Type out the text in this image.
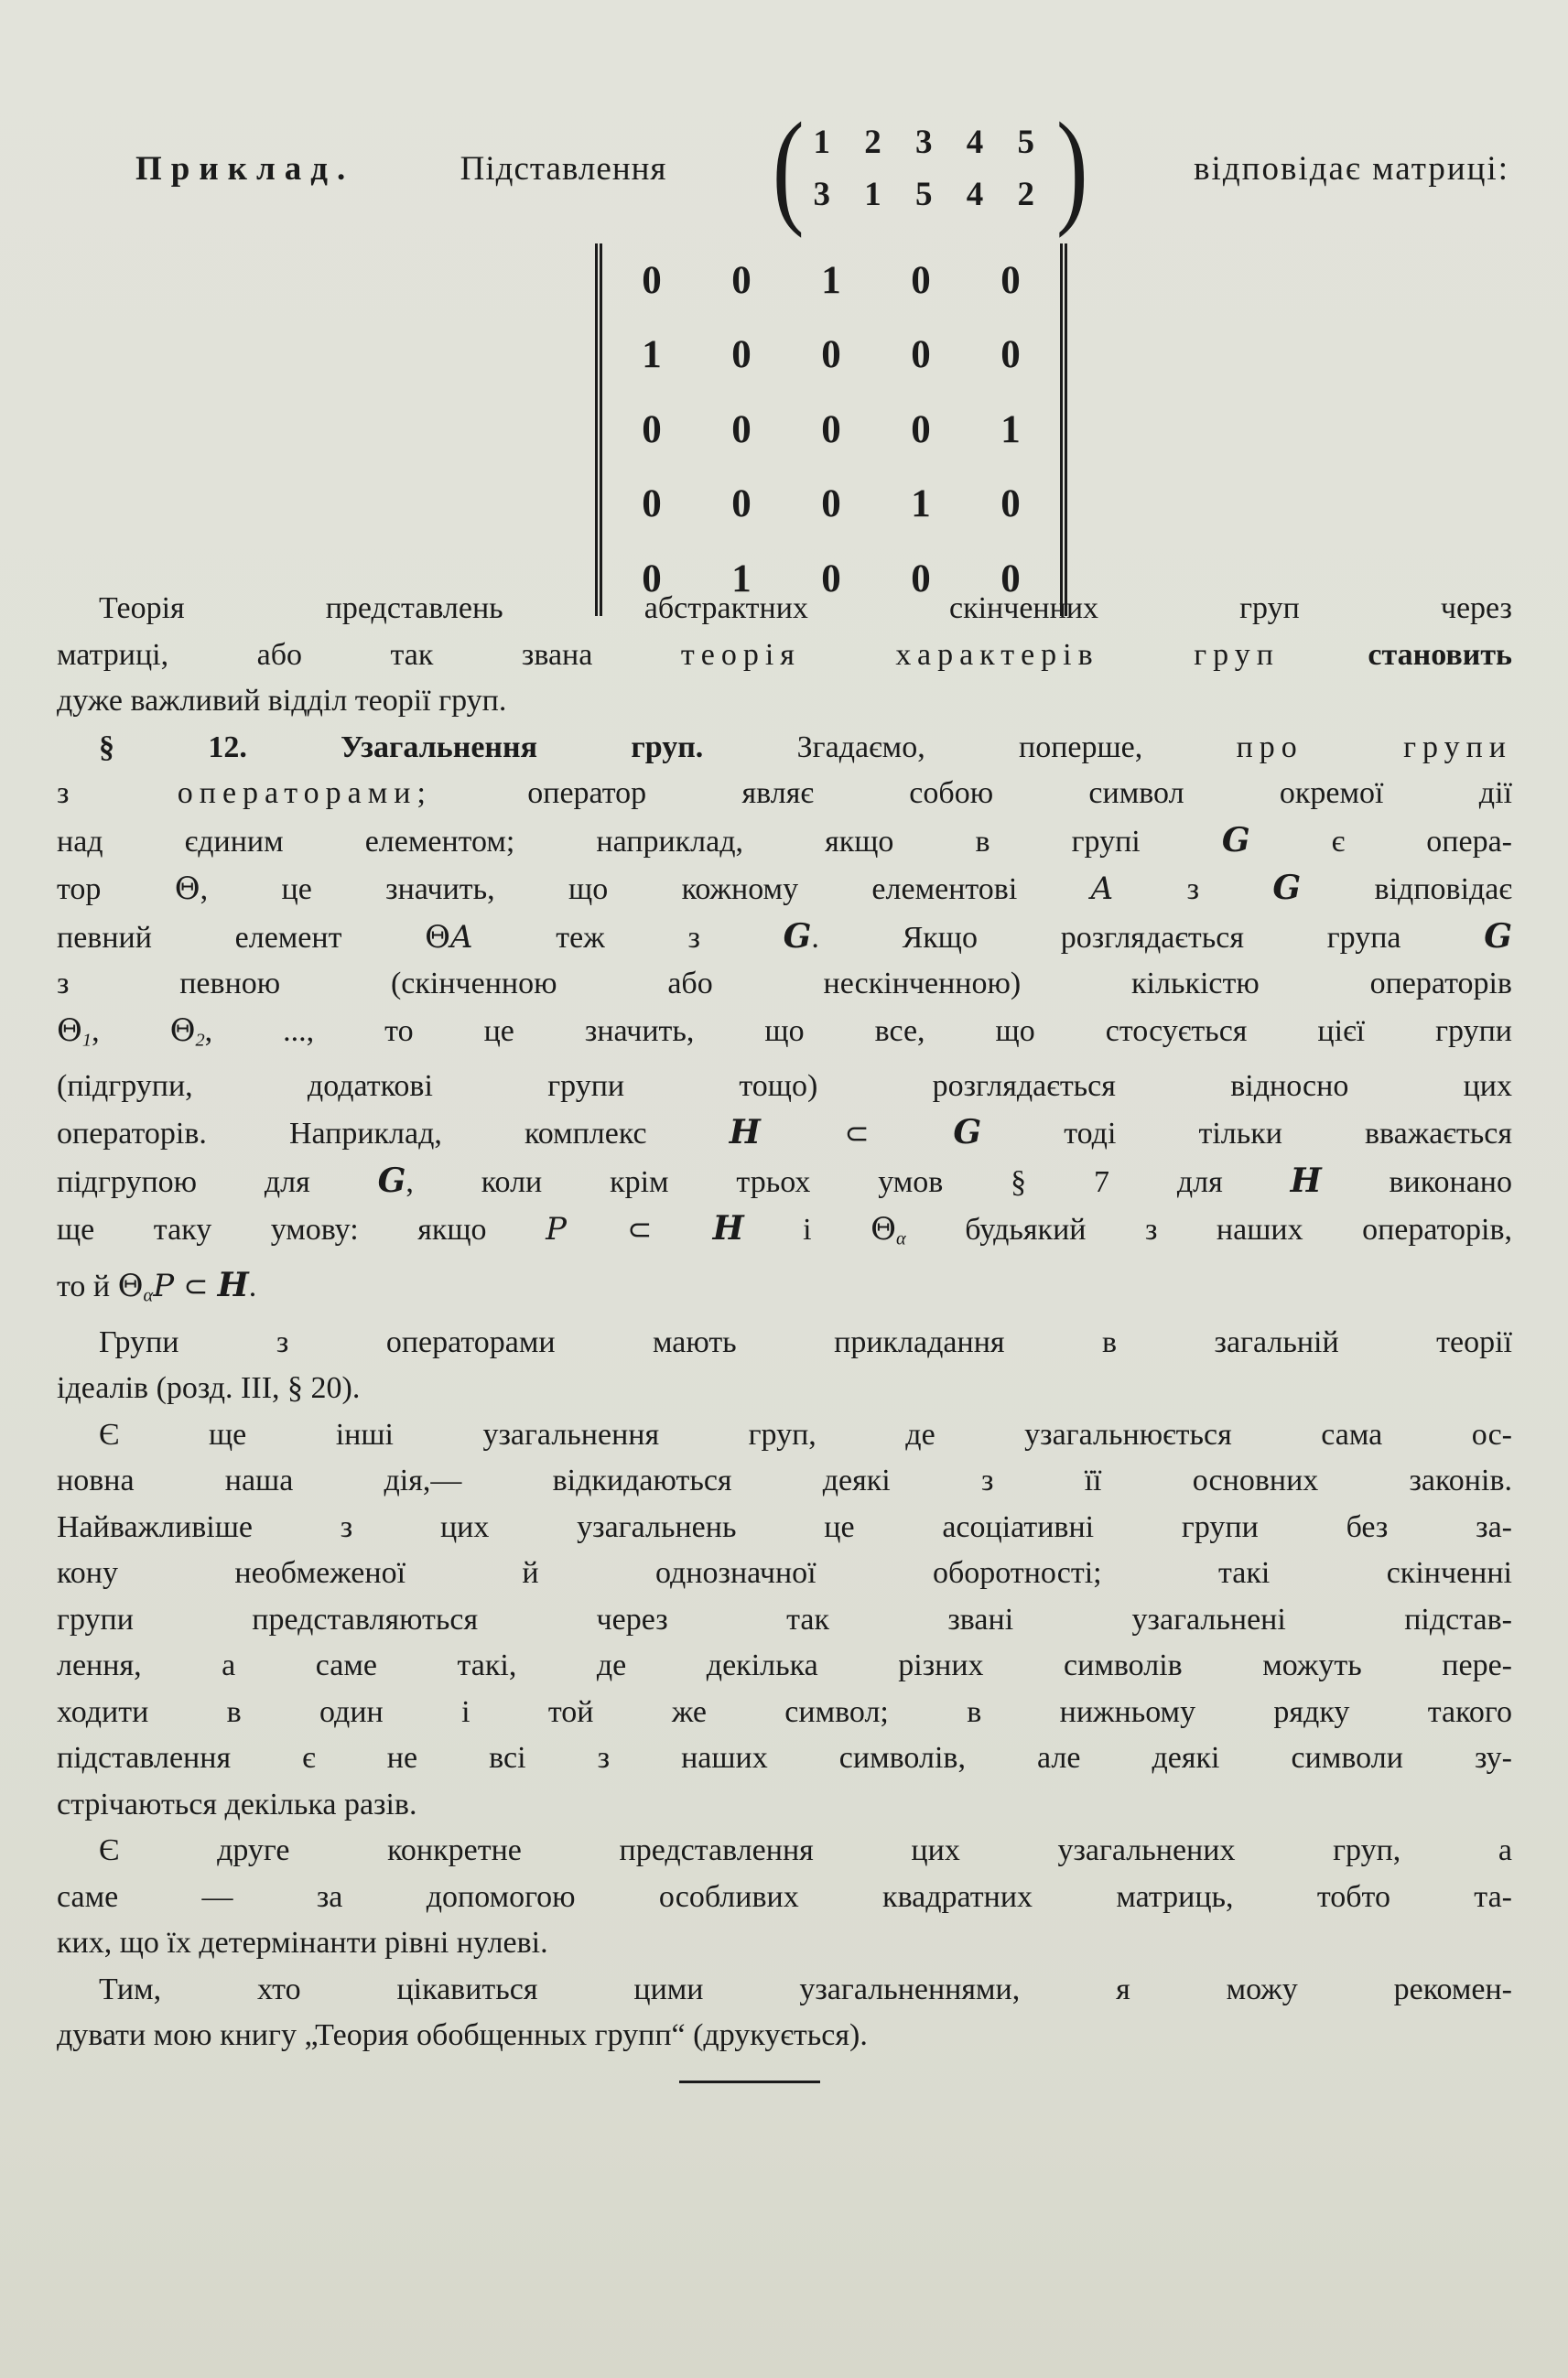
Приклад.	Підставлення ( 1 2 3 4 5
3 1 5 4 2 )	відповідає матриці:
0	0	1	0	0
1	0	0	0	0
0	0	0	0	1
0	0	0	1	0
0	1	0	0	0
Теорія представлень абстрактних скінченних груп через
матриці, або так звана теорія характерів груп	становить
дуже важливий відділ теорії груп.
§ 12. Узагальнення груп. Згадаємо, поперше, про групи
з операторами; оператор являє собою символ окремої дії
над єдиним елементом; наприклад, якщо в групі G є опера-
тор Θ, це значить, що кожному елементові A з G відповідає
певний елемент ΘA теж з G. Якщо розглядається група G
з певною (скінченною або нескінченною) кількістю операторів
Θ1, Θ2, ..., то це значить, що все, що стосується цієї групи
(підгрупи, додаткові групи тощо) розглядається відносно цих
операторів. Наприклад, комплекс H ⊂ G тоді тільки вважається
підгрупою для G, коли крім трьох умов § 7 для H виконано
ще таку умову: якщо P ⊂ H і Θα будьякий з наших операторів,
то й ΘαP ⊂ H.
Групи з операторами мають прикладання в загальній теорії
ідеалів (розд. III, § 20).
Є ще інші узагальнення груп, де узагальнюється сама ос-
новна наша дія,— відкидаються деякі з її основних законів.
Найважливіше з цих узагальнень це асоціативні групи без за-
кону необмеженої й однозначної оборотності; такі скінченні
групи представляються через так звані узагальнені підстав-
лення, а саме такі, де декілька різних символів можуть пере-
ходити в один і той же символ; в нижньому рядку такого
підставлення є не всі з наших символів, але деякі символи зу-
стрічаються декілька разів.
Є друге конкретне представлення цих узагальнених груп, а
саме — за допомогою особливих квадратних матриць, тобто та-
ких, що їх детермінанти рівні нулеві.
Тим, хто цікавиться цими узагальненнями, я можу рекомен-
дувати мою книгу „Теория обобщенных групп“ (друкується).
